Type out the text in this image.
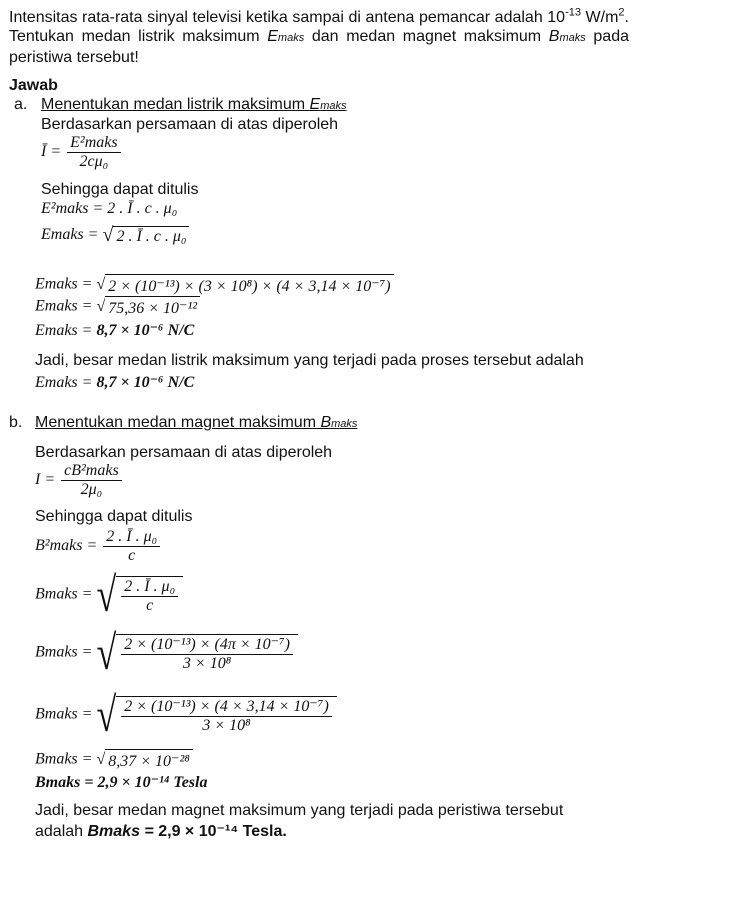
Intensitas rata-rata sinyal televisi ketika sampai di antena pemancar adalah $10^{-13}$ $W/m^2$. Tentukan medan listrik maksimum Emaks dan medan magnet maksimum Bmaks pada peristiwa tersebut!
Jawab
a. Menentukan medan listrik maksimum Emaks
Berdasarkan persamaan di atas diperoleh
Ī = $\frac{\text{E²maks}}{\text{2cμ₀}}$
Sehingga dapat ditulis
E²maks = 2 . Ī . c . μ₀
Emaks = √ 2 . Ī . c . μ₀
Emaks = √ 2 × (10⁻¹³) × (3 × 10⁸) × (4 × 3,14 × 10⁻⁷)
Emaks = √ 75,36 × 10⁻¹²
Emaks = 8,7 × 10⁻⁶ N/C
Jadi, besar medan listrik maksimum yang terjadi pada proses tersebut adalah
Emaks = 8,7 × 10⁻⁶ N/C
b. Menentukan medan magnet maksimum Bmaks
Berdasarkan persamaan di atas diperoleh
$I = \frac{\text{cB²maks}}{\text{2μ₀}}$
Sehingga dapat ditulis
B²maks = $\frac{\text{2 . Ī . μ₀}}{c}$
Bmaks = √ $\frac{\text{2 . Ī . μ₀}}{c}$
Bmaks = √ $\frac{\text{2 × (10⁻¹³) × (4π × 10⁻⁷)}}{\text{3 × 10⁸}}$
Bmaks = √ $\frac{\text{2 × (10⁻¹³) × (4 × 3,14 × 10⁻⁷)}}{\text{3 × 10⁸}}$
Bmaks = √ 8,37 × 10⁻²⁸
Bmaks = 2,9 × 10⁻¹⁴ Tesla
Jadi, besar medan magnet maksimum yang terjadi pada peristiwa tersebut
adalah Bmaks = 2,9 × 10⁻¹⁴ Tesla.
